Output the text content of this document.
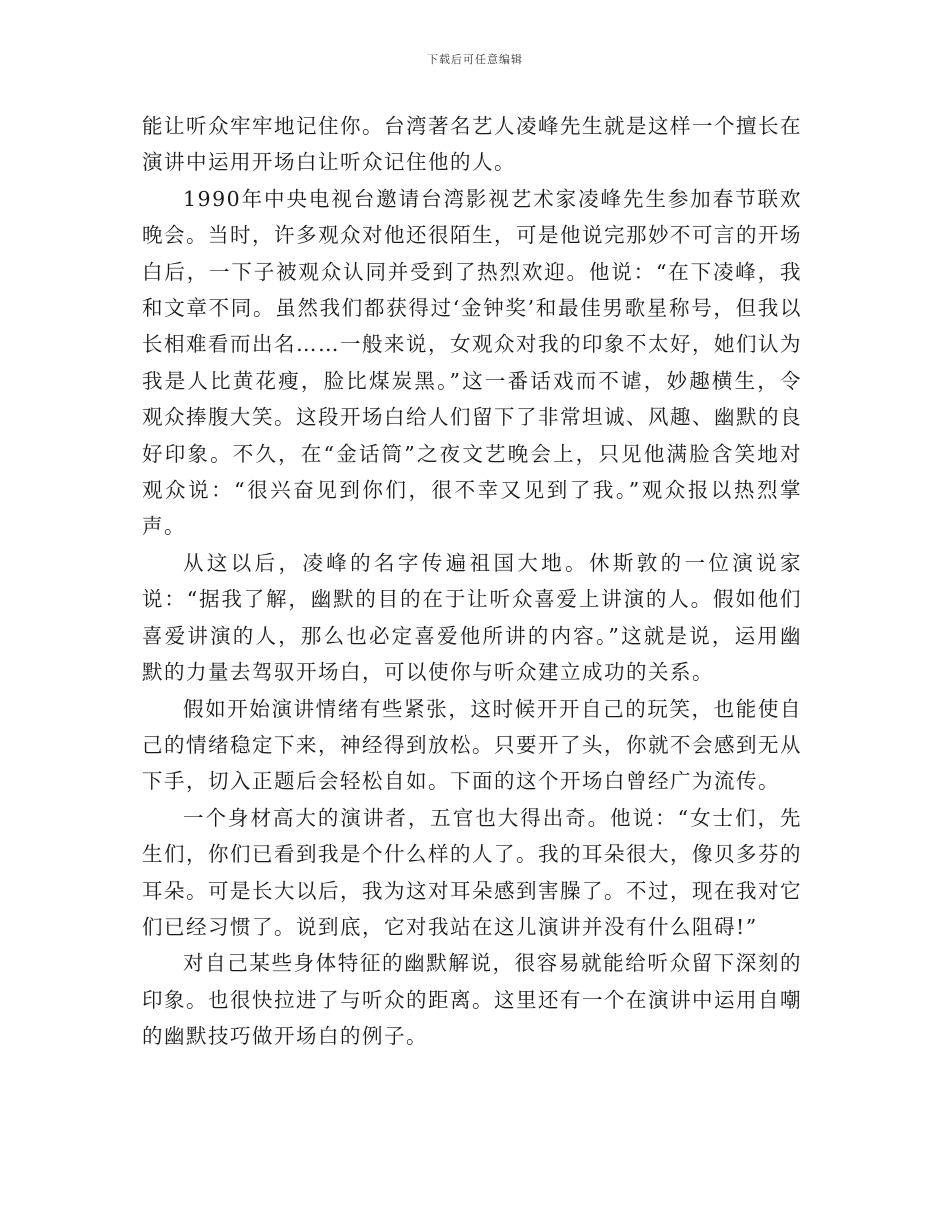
下载后可任意编辑

能让听众牢牢地记住你。台湾著名艺人凌峰先生就是这样一个擅长在演讲中运用开场白让听众记住他的人。

1990年中央电视台邀请台湾影视艺术家凌峰先生参加春节联欢晚会。当时，许多观众对他还很陌生，可是他说完那妙不可言的开场白后，一下子被观众认同并受到了热烈欢迎。他说：“在下凌峰，我和文章不同。虽然我们都获得过‘金钟奖’和最佳男歌星称号，但我以长相难看而出名……一般来说，女观众对我的印象不太好，她们认为我是人比黄花瘦，脸比煤炭黑。”这一番话戏而不谑，妙趣横生，令观众捧腹大笑。这段开场白给人们留下了非常坦诚、风趣、幽默的良好印象。不久，在“金话筒”之夜文艺晚会上，只见他满脸含笑地对观众说：“很兴奋见到你们，很不幸又见到了我。”观众报以热烈掌声。

从这以后，凌峰的名字传遍祖国大地。休斯敦的一位演说家说：“据我了解，幽默的目的在于让听众喜爱上讲演的人。假如他们喜爱讲演的人，那么也必定喜爱他所讲的内容。”这就是说，运用幽默的力量去驾驭开场白，可以使你与听众建立成功的关系。

假如开始演讲情绪有些紧张，这时候开开自己的玩笑，也能使自己的情绪稳定下来，神经得到放松。只要开了头，你就不会感到无从下手，切入正题后会轻松自如。下面的这个开场白曾经广为流传。

一个身材高大的演讲者，五官也大得出奇。他说：“女士们，先生们，你们已看到我是个什么样的人了。我的耳朵很大，像贝多芬的耳朵。可是长大以后，我为这对耳朵感到害臊了。不过，现在我对它们已经习惯了。说到底，它对我站在这儿演讲并没有什么阻碍!”

对自己某些身体特征的幽默解说，很容易就能给听众留下深刻的印象。也很快拉进了与听众的距离。这里还有一个在演讲中运用自嘲的幽默技巧做开场白的例子。
